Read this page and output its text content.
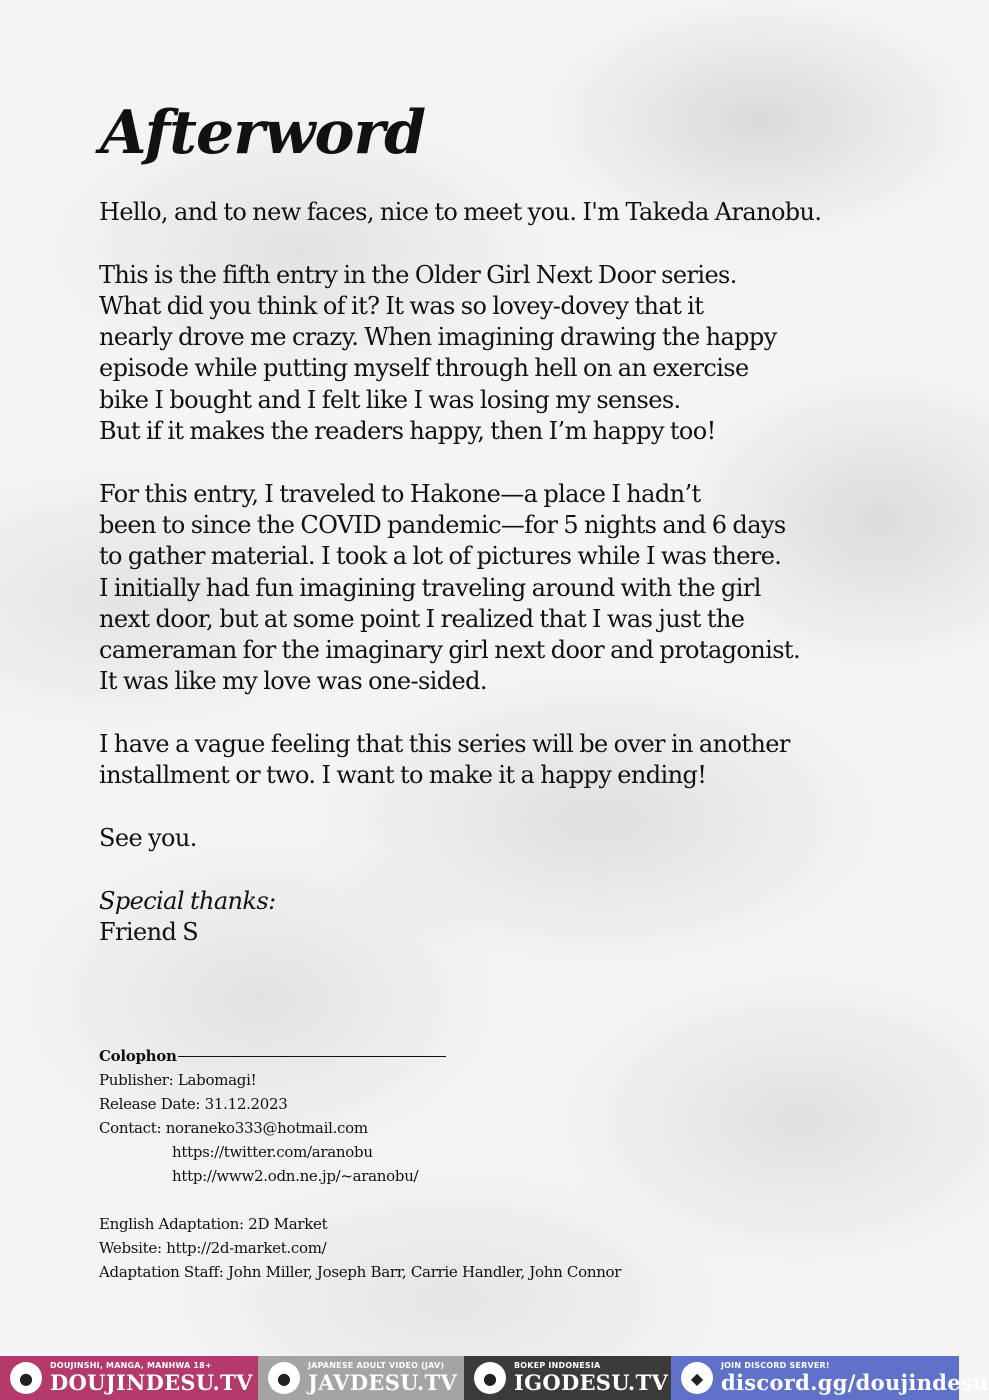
Afterword

Hello, and to new faces, nice to meet you. I'm Takeda Aranobu.

This is the fifth entry in the Older Girl Next Door series.
What did you think of it? It was so lovey-dovey that it
nearly drove me crazy. When imagining drawing the happy
episode while putting myself through hell on an exercise
bike I bought and I felt like I was losing my senses.
But if it makes the readers happy, then I’m happy too!

For this entry, I traveled to Hakone—a place I hadn’t
been to since the COVID pandemic—for 5 nights and 6 days
to gather material. I took a lot of pictures while I was there.
I initially had fun imagining traveling around with the girl
next door, but at some point I realized that I was just the
cameraman for the imaginary girl next door and protagonist.
It was like my love was one-sided.

I have a vague feeling that this series will be over in another
installment or two. I want to make it a happy ending!

See you.

Special thanks:
Friend S
Colophon
Publisher: Labomagi!
Release Date: 31.12.2023
Contact: noraneko333@hotmail.com
https://twitter.com/aranobu
http://www2.odn.ne.jp/~aranobu/
English Adaptation: 2D Market
Website: http://2d-market.com/
Adaptation Staff: John Miller, Joseph Barr, Carrie Handler, John Connor
●
DOUJINSHI, MANGA, MANHWA 18+
DOUJINDESU.TV	●
JAPANESE ADULT VIDEO (JAV)
JAVDESU.TV	●
BOKEP INDONESIA
IGODESU.TV	◆
JOIN DISCORD SERVER!
discord.gg/doujindesu
